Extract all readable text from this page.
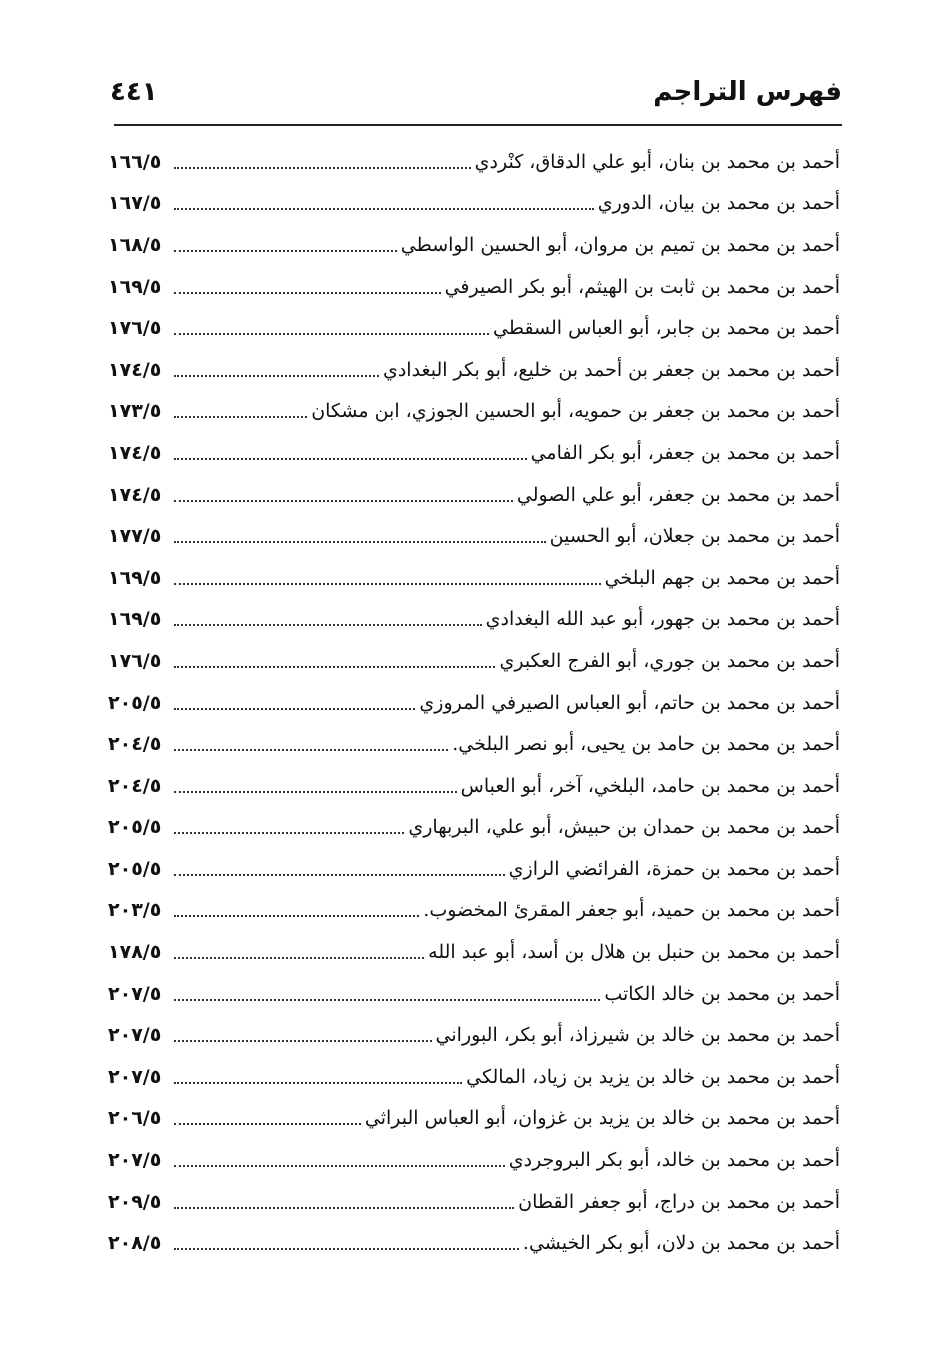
فهرس التراجم
٤٤١
أحمد بن محمد بن بنان، أبو علي الدقاق، كنْردي
١٦٦/٥
أحمد بن محمد بن بيان، الدوري
١٦٧/٥
أحمد بن محمد بن تميم بن مروان، أبو الحسين الواسطي
١٦٨/٥
أحمد بن محمد بن ثابت بن الهيثم، أبو بكر الصيرفي
١٦٩/٥
أحمد بن محمد بن جابر، أبو العباس السقطي
١٧٦/٥
أحمد بن محمد بن جعفر بن أحمد بن خليع، أبو بكر البغدادي
١٧٤/٥
أحمد بن محمد بن جعفر بن حمويه، أبو الحسين الجوزي، ابن مشكان
١٧٣/٥
أحمد بن محمد بن جعفر، أبو بكر الفامي
١٧٤/٥
أحمد بن محمد بن جعفر، أبو علي الصولي
١٧٤/٥
أحمد بن محمد بن جعلان، أبو الحسين
١٧٧/٥
أحمد بن محمد بن جهم البلخي
١٦٩/٥
أحمد بن محمد بن جهور، أبو عبد الله البغدادي
١٦٩/٥
أحمد بن محمد بن جوري، أبو الفرج العكبري
١٧٦/٥
أحمد بن محمد بن حاتم، أبو العباس الصيرفي المروزي
٢٠٥/٥
أحمد بن محمد بن حامد بن يحيى، أبو نصر البلخي.
٢٠٤/٥
أحمد بن محمد بن حامد، البلخي، آخر، أبو العباس
٢٠٤/٥
أحمد بن محمد بن حمدان بن حبيش، أبو علي، البربهاري
٢٠٥/٥
أحمد بن محمد بن حمزة، الفرائضي الرازي
٢٠٥/٥
أحمد بن محمد بن حميد، أبو جعفر المقرئ المخضوب.
٢٠٣/٥
أحمد بن محمد بن حنبل بن هلال بن أسد، أبو عبد الله
١٧٨/٥
أحمد بن محمد بن خالد الكاتب
٢٠٧/٥
أحمد بن محمد بن خالد بن شيرزاذ، أبو بكر، البوراني
٢٠٧/٥
أحمد بن محمد بن خالد بن يزيد بن زياد، المالكي
٢٠٧/٥
أحمد بن محمد بن خالد بن يزيد بن غزوان، أبو العباس البراثي
٢٠٦/٥
أحمد بن محمد بن خالد، أبو بكر البروجردي
٢٠٧/٥
أحمد بن محمد بن دراج، أبو جعفر القطان
٢٠٩/٥
أحمد بن محمد بن دلان، أبو بكر الخيشي.
٢٠٨/٥
